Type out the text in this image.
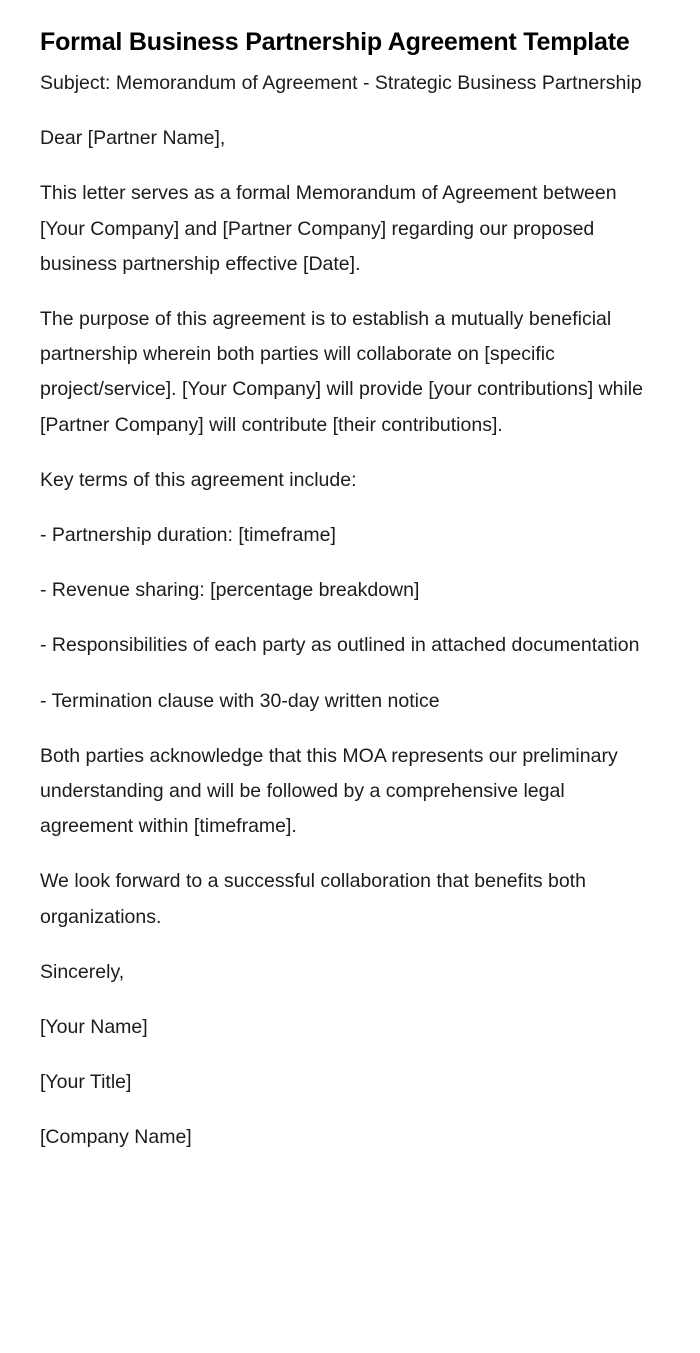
Formal Business Partnership Agreement Template

Subject: Memorandum of Agreement - Strategic Business Partnership

Dear [Partner Name],

This letter serves as a formal Memorandum of Agreement between [Your Company] and [Partner Company] regarding our proposed business partnership effective [Date].

The purpose of this agreement is to establish a mutually beneficial partnership wherein both parties will collaborate on [specific project/service]. [Your Company] will provide [your contributions] while [Partner Company] will contribute [their contributions].

Key terms of this agreement include:

- Partnership duration: [timeframe]

- Revenue sharing: [percentage breakdown]

- Responsibilities of each party as outlined in attached documentation

- Termination clause with 30-day written notice

Both parties acknowledge that this MOA represents our preliminary understanding and will be followed by a comprehensive legal agreement within [timeframe].

We look forward to a successful collaboration that benefits both organizations.

Sincerely,

[Your Name]

[Your Title]

[Company Name]
